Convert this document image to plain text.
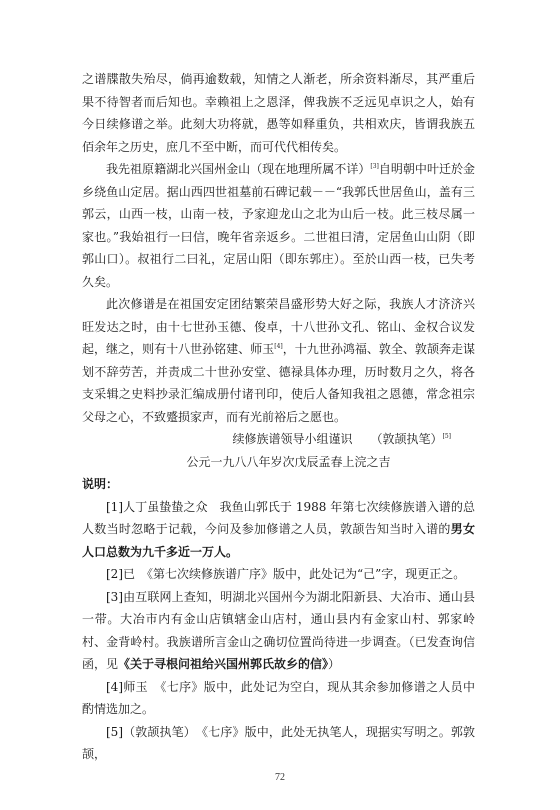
之谱牒散失殆尽，倘再逾数载，知情之人渐老，所余资料渐尽，其严重后果不待智者而后知也。幸赖祖上之恩泽，俾我族不乏远见卓识之人，始有今日续修谱之举。此刻大功将就，愚等如释重负，共相欢庆，皆谓我族五佰余年之历史，庶几不至中断，而可代代相传矣。

我先祖原籍湖北兴国州金山（现在地理所属不详）[3]自明朝中叶迁於金乡绕鱼山定居。据山西四世祖墓前石碑记载－－“我郭氏世居鱼山，盖有三郭云，山西一枝，山南一枝，予家迎龙山之北为山后一枝。此三枝尽属一家也。”我始祖行一曰信，晚年省亲返乡。二世祖曰清，定居鱼山山阴（即郭山口）。叔祖行二曰礼，定居山阳（即东郭庄）。至於山西一枝，已失考久矣。

此次修谱是在祖国安定团结繁荣昌盛形势大好之际，我族人才济济兴旺发达之时，由十七世孙玉德、俊卓，十八世孙文孔、铭山、金权合议发起，继之，则有十八世孙铭建、师玉[4]，十九世孙鸿福、敦全、敦颉奔走谋划不辞劳苦，并责成二十世孙安堂、德禄具体办理，历时数月之久，将各支采辑之史料抄录汇编成册付诸刊印，使后人备知我祖之恩德，常念祖宗父母之心，不致蹙损家声，而有光前裕后之愿也。

续修族谱领导小组谨识　　（敦颉执笔）[5]

公元一九八八年岁次戊辰孟春上浣之吉

说明：

[1]人丁虽蛰蛰之众　我鱼山郭氏于 1988 年第七次续修族谱入谱的总人数当时忽略于记载，今问及参加修谱之人员，敦颉告知当时入谱的男女人口总数为九千多近一万人。

[2]已　《第七次续修族谱广序》版中，此处记为“己”字，现更正之。

[3]由互联网上查知，明湖北兴国州今为湖北阳新县、大冶市、通山县一带。大冶市内有金山店镇辖金山店村，通山县内有金家山村、郭家岭村、金背岭村。我族谱所言金山之确切位置尚待进一步调查。（已发查询信函，见《关于寻根问祖给兴国州郭氏故乡的信》）

[4]师玉　《七序》版中，此处记为空白，现从其余参加修谱之人员中酌情选加之。

[5]（敦颉执笔）　《七序》版中，此处无执笔人，现据实写明之。郭敦颉，

72
